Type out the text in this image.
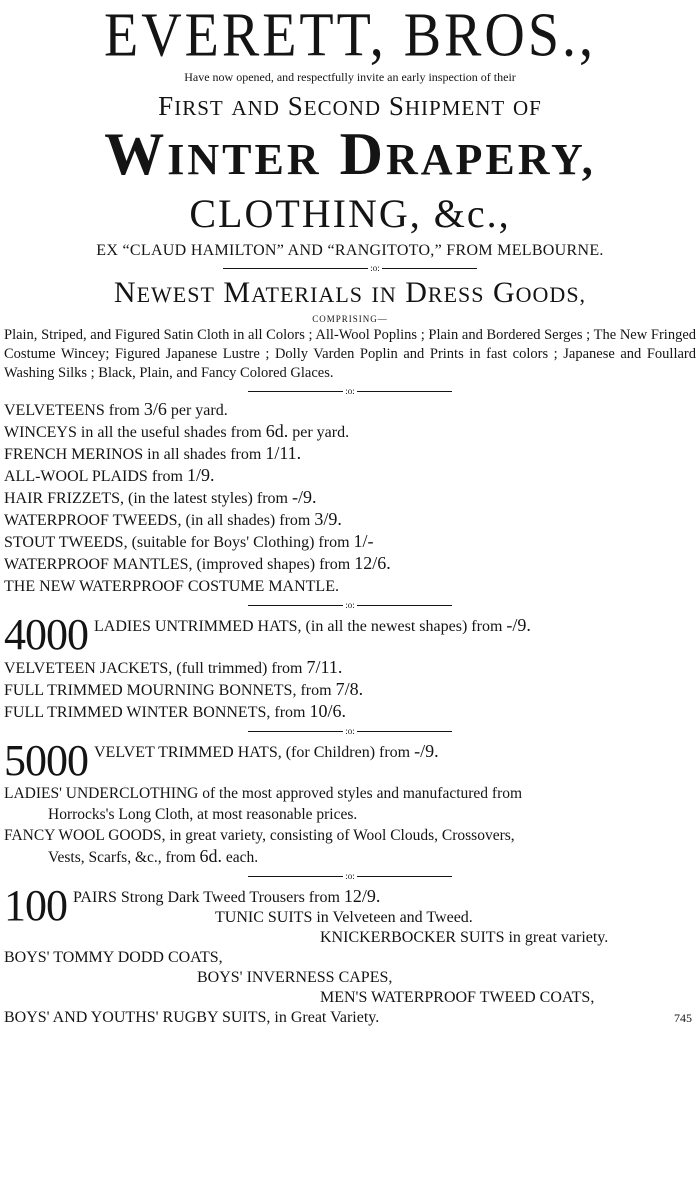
EVERETT, BROS.,
Have now opened, and respectfully invite an early inspection of their
FIRST AND SECOND SHIPMENT OF
WINTER DRAPERY,
CLOTHING, &c.,
EX “CLAUD HAMILTON” AND “RANGITOTO,” FROM MELBOURNE.
:o:
NEWEST MATERIALS IN DRESS GOODS,
COMPRISING—
Plain, Striped, and Figured Satin Cloth in all Colors ; All-Wool Poplins ; Plain and Bordered Serges ; The New Fringed Costume Wincey; Figured Japanese Lustre ; Dolly Varden Poplin and Prints in fast colors ; Japanese and Foullard Washing Silks ; Black, Plain, and Fancy Colored Glaces.
:o:
VELVETEENS from 3/6 per yard.
WINCEYS in all the useful shades from 6d. per yard.
FRENCH MERINOS in all shades from 1/11.
ALL-WOOL PLAIDS from 1/9.
HAIR FRIZZETS, (in the latest styles) from -/9.
WATERPROOF TWEEDS, (in all shades) from 3/9.
STOUT TWEEDS, (suitable for Boys' Clothing) from 1/-
WATERPROOF MANTLES, (improved shapes) from 12/6.
THE NEW WATERPROOF COSTUME MANTLE.
:o:
4000 LADIES UNTRIMMED HATS, (in all the newest shapes) from -/9.
VELVETEEN JACKETS, (full trimmed) from 7/11.
FULL TRIMMED MOURNING BONNETS, from 7/8.
FULL TRIMMED WINTER BONNETS, from 10/6.
:o:
5000 VELVET TRIMMED HATS, (for Children) from -/9.
LADIES' UNDERCLOTHING of the most approved styles and manufactured from
Horrocks's Long Cloth, at most reasonable prices.
FANCY WOOL GOODS, in great variety, consisting of Wool Clouds, Crossovers,
Vests, Scarfs, &c., from 6d. each.
:o:
100 PAIRS Strong Dark Tweed Trousers from 12/9.
TUNIC SUITS in Velveteen and Tweed.
KNICKERBOCKER SUITS in great variety.
BOYS' TOMMY DODD COATS,
BOYS' INVERNESS CAPES,
MEN'S WATERPROOF TWEED COATS,
BOYS' AND YOUTHS' RUGBY SUITS, in Great Variety.	745
